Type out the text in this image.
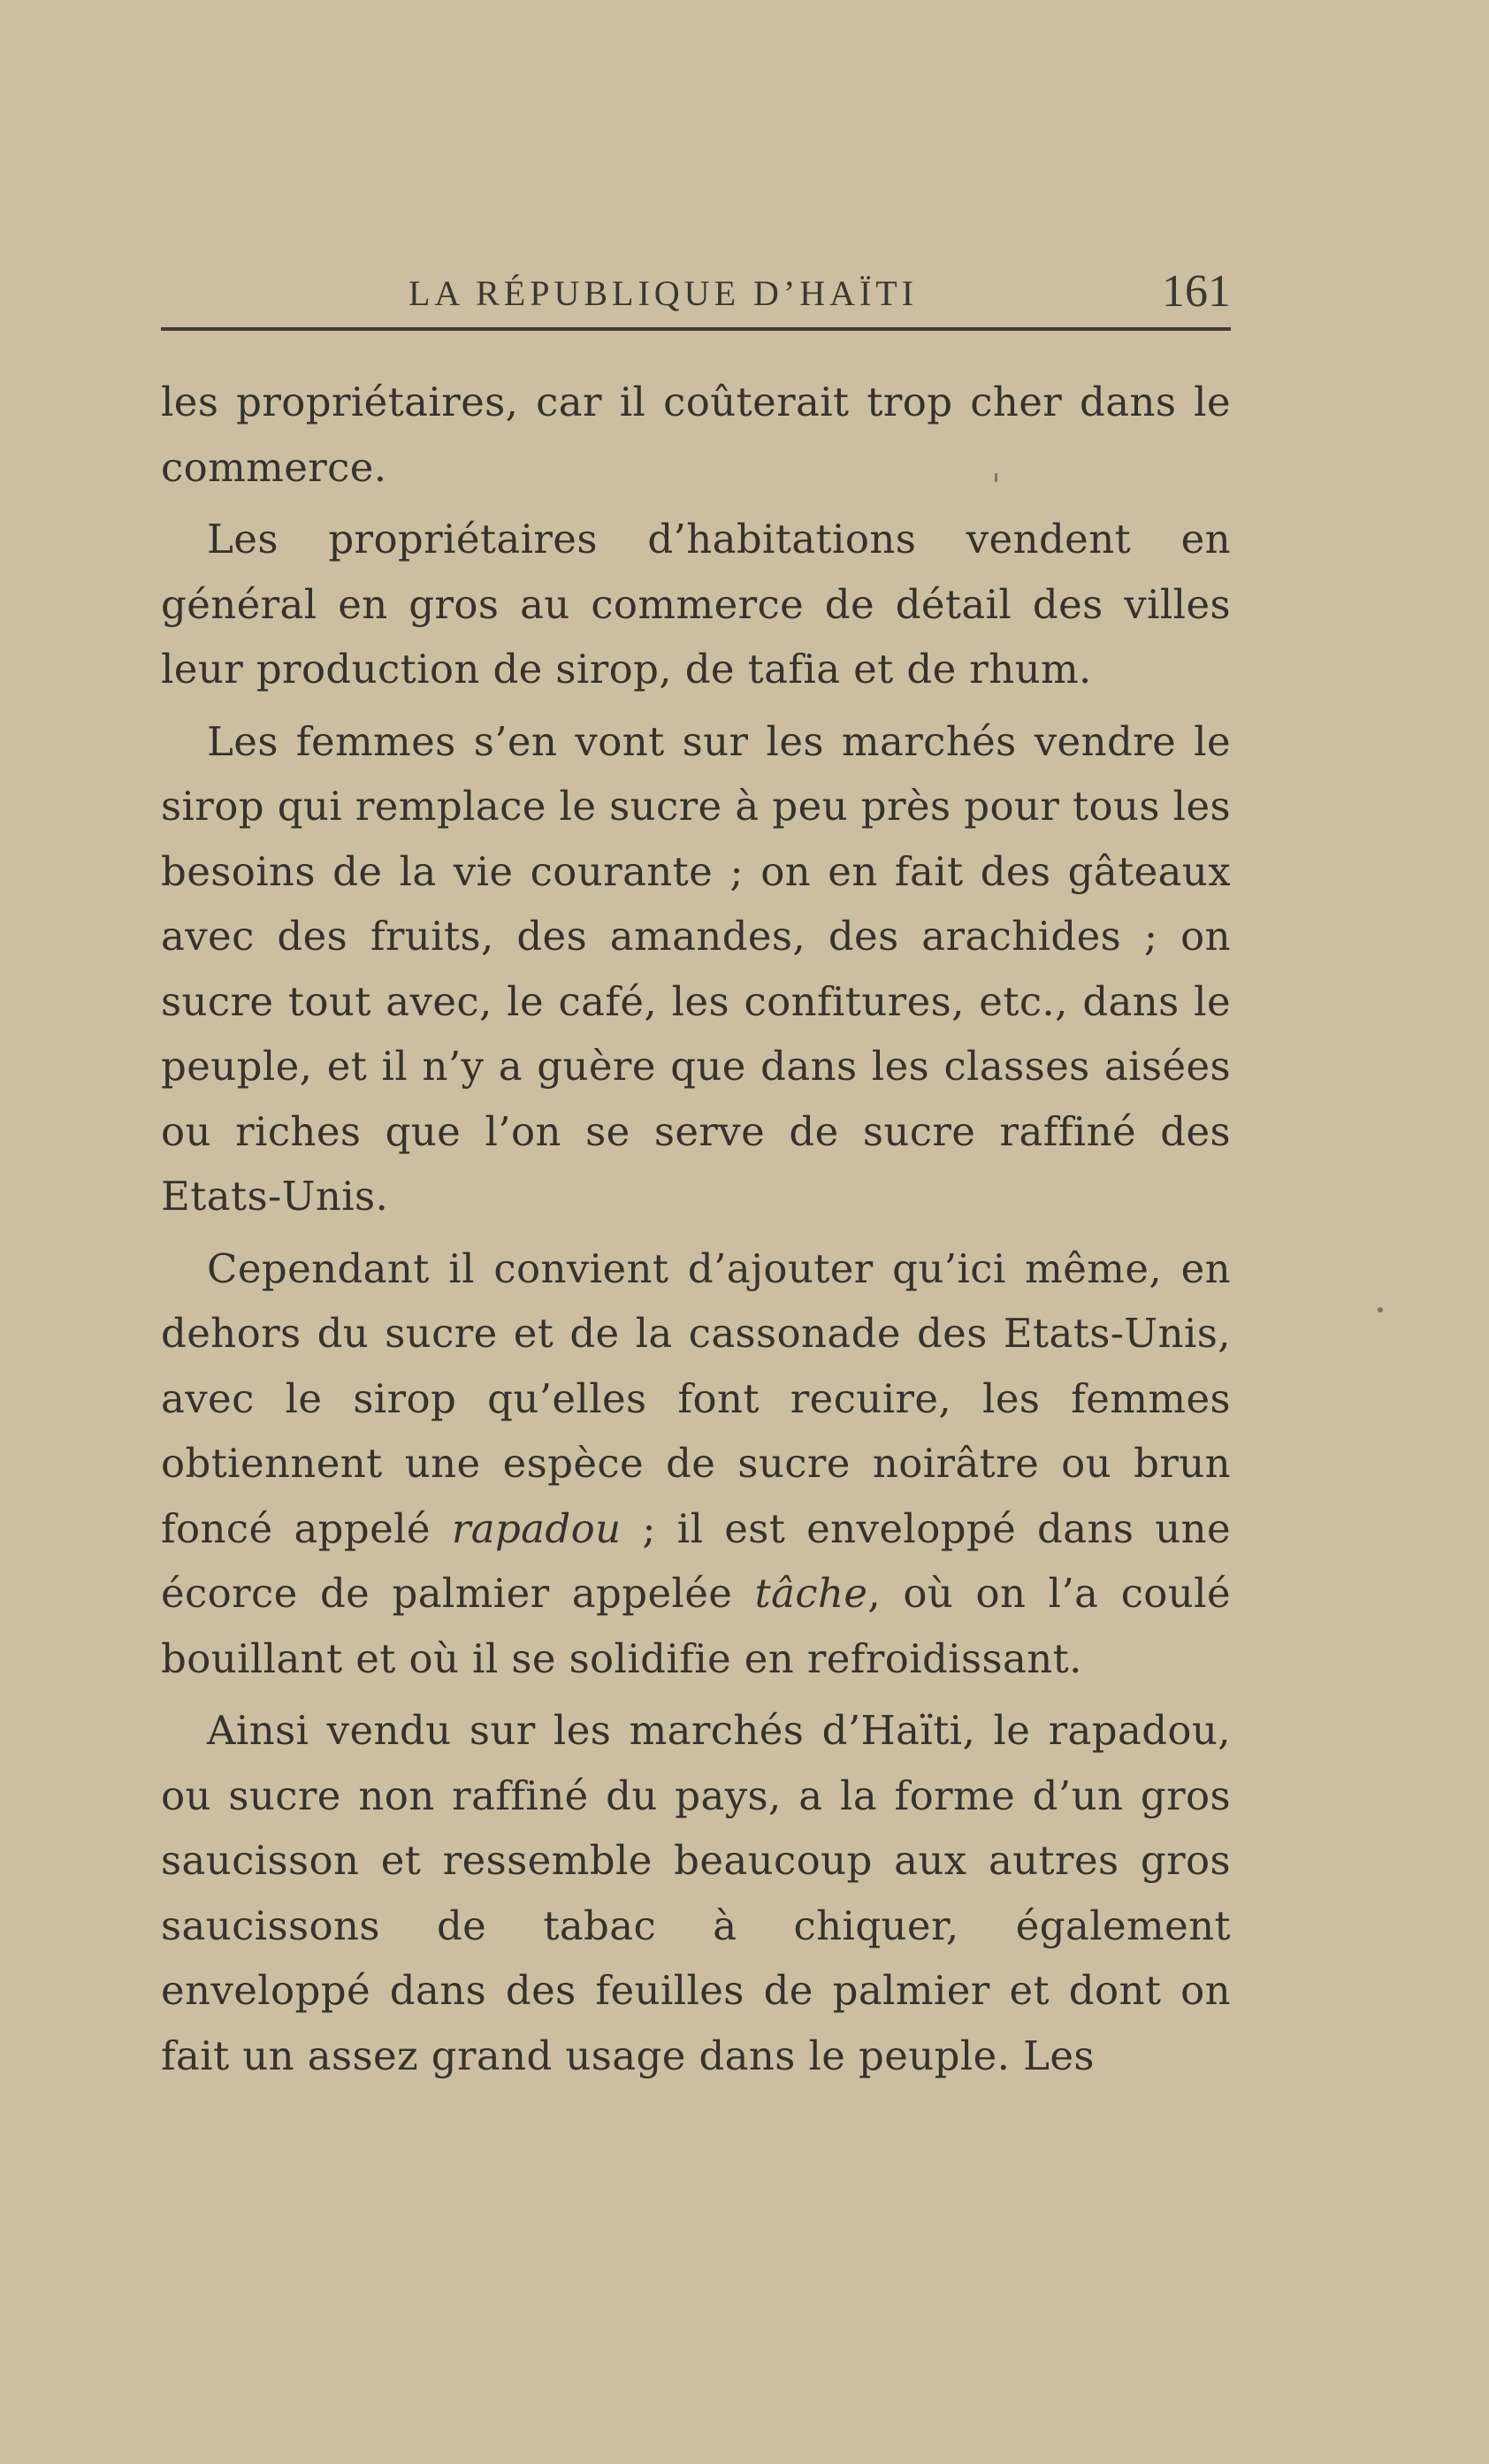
LA RÉPUBLIQUE D’HAÏTI	161

les propriétaires, car il coûterait trop cher dans le commerce.

Les propriétaires d’habitations vendent en général en gros au commerce de détail des villes leur production de sirop, de tafia et de rhum.

Les femmes s’en vont sur les marchés vendre le sirop qui remplace le sucre à peu près pour tous les besoins de la vie courante ; on en fait des gâteaux avec des fruits, des amandes, des arachides ; on sucre tout avec, le café, les confitures, etc., dans le peuple, et il n’y a guère que dans les classes aisées ou riches que l’on se serve de sucre raffiné des Etats-Unis.

Cependant il convient d’ajouter qu’ici même, en dehors du sucre et de la cassonade des Etats-Unis, avec le sirop qu’elles font recuire, les femmes obtiennent une espèce de sucre noirâtre ou brun foncé appelé rapadou ; il est enveloppé dans une écorce de palmier appelée tâche, où on l’a coulé bouillant et où il se solidifie en refroidissant.

Ainsi vendu sur les marchés d’Haïti, le rapadou, ou sucre non raffiné du pays, a la forme d’un gros saucisson et ressemble beaucoup aux autres gros saucissons de tabac à chiquer, également enveloppé dans des feuilles de palmier et dont on fait un assez grand usage dans le peuple. Les
